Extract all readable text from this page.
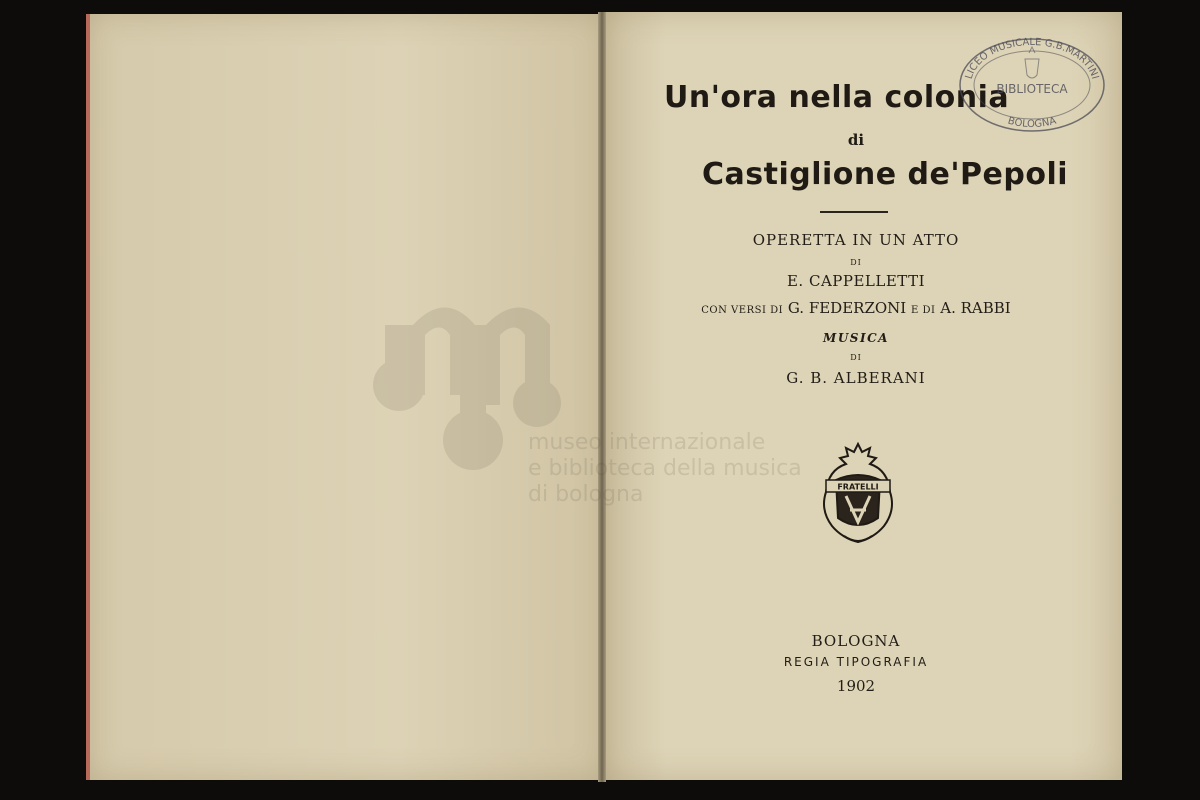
museo internazionale
e biblioteca della musica
di bologna
Un'ora nella colonia
di
Castiglione de'Pepoli
OPERETTA IN UN ATTO
DI
E. CAPPELLETTI
CON VERSI DI G. FEDERZONI E DI A. RABBI
MUSICA
DI
G. B. ALBERANI
FRATELLI
BOLOGNA
REGIA TIPOGRAFIA
1902
LICEO MUSICALE G.B.MARTINI
BIBLIOTECA
BOLOGNA
